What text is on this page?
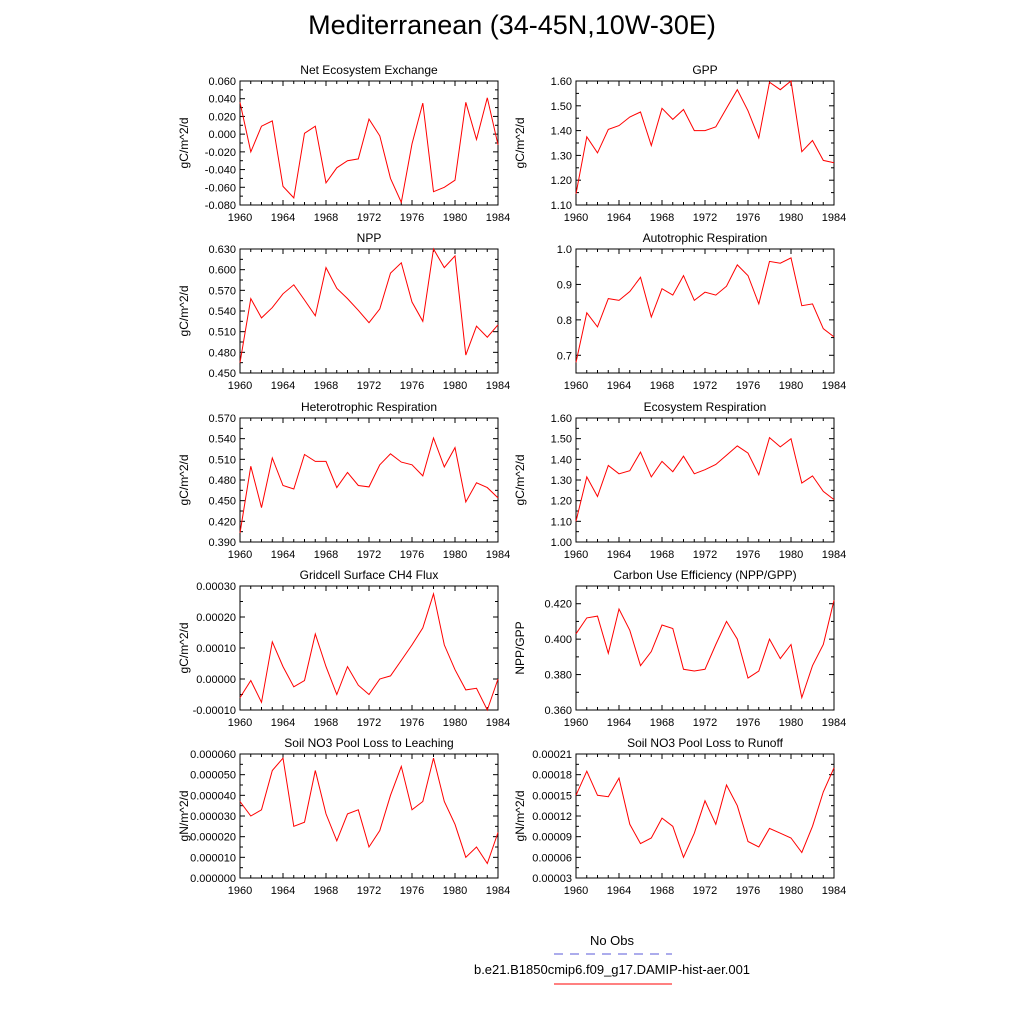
Mediterranean (34-45N,10W-30E)
Net Ecosystem Exchange
gC/m^2/d
1960 1964 1968 1972 1976 1980 1984
-0.080
-0.060
-0.040
-0.020
0.000
0.020
0.040
0.060
GPP
gC/m^2/d
1960 1964 1968 1972 1976 1980 1984
1.10
1.20
1.30
1.40
1.50
1.60
NPP
gC/m^2/d
1960 1964 1968 1972 1976 1980 1984
0.450
0.480
0.510
0.540
0.570
0.600
0.630
Autotrophic Respiration
1960 1964 1968 1972 1976 1980 1984
0.7
0.8
0.9
1.0
Heterotrophic Respiration
gC/m^2/d
1960 1964 1968 1972 1976 1980 1984
0.390
0.420
0.450
0.480
0.510
0.540
0.570
Ecosystem Respiration
gC/m^2/d
1960 1964 1968 1972 1976 1980 1984
1.00
1.10
1.20
1.30
1.40
1.50
1.60
Gridcell Surface CH4 Flux
gC/m^2/d
1960 1964 1968 1972 1976 1980 1984
-0.00010
0.00000
0.00010
0.00020
0.00030
Carbon Use Efficiency (NPP/GPP)
NPP/GPP
1960 1964 1968 1972 1976 1980 1984
0.360
0.380
0.400
0.420
Soil NO3 Pool Loss to Leaching
gN/m^2/d
1960 1964 1968 1972 1976 1980 1984
0.000000
0.000010
0.000020
0.000030
0.000040
0.000050
0.000060
Soil NO3 Pool Loss to Runoff
gN/m^2/d
1960 1964 1968 1972 1976 1980 1984
0.00003
0.00006
0.00009
0.00012
0.00015
0.00018
0.00021
No Obs
b.e21.B1850cmip6.f09_g17.DAMIP-hist-aer.001
